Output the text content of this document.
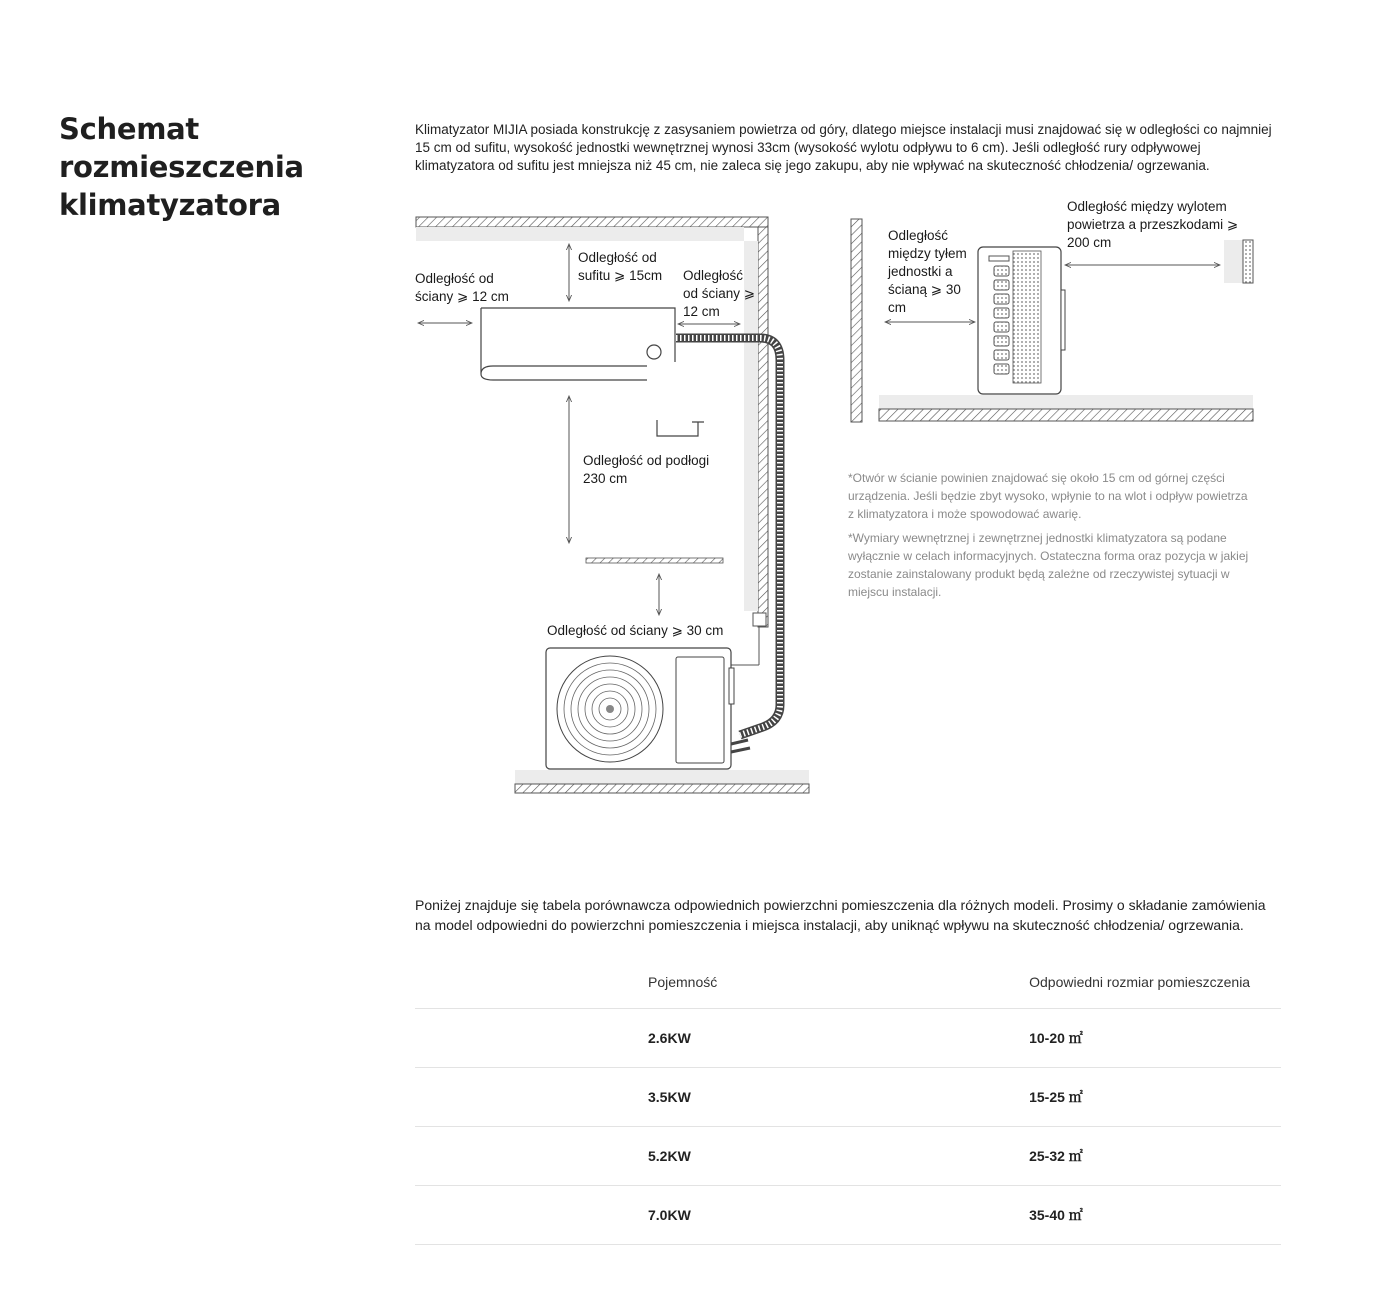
Schemat rozmieszczenia klimatyzatora

Klimatyzator MIJIA posiada konstrukcję z zasysaniem powietrza od góry, dlatego miejsce instalacji musi znajdować się w odległości co najmniej 15 cm od sufitu, wysokość jednostki wewnętrznej wynosi 33cm (wysokość wylotu odpływu to 6 cm). Jeśli odległość rury odpływowej klimatyzatora od sufitu jest mniejsza niż 45 cm, nie zaleca się jego zakupu, aby nie wpływać na skuteczność chłodzenia/ ogrzewania.

Odległość od ściany ⩾ 12 cm
Odległość od sufitu ⩾ 15cm Odległość od ściany ⩾ 12 cm
Odległość od podłogi 230 cm
Odległość od ściany ⩾ 30 cm
Odległość między tyłem jednostki a ścianą ⩾ 30 cm
Odległość między wylotem powietrza a przeszkodami ⩾ 200 cm

*Otwór w ścianie powinien znajdować się około 15 cm od górnej części urządzenia. Jeśli będzie zbyt wysoko, wpłynie to na wlot i odpływ powietrza z klimatyzatora i może spowodować awarię.

*Wymiary wewnętrznej i zewnętrznej jednostki klimatyzatora są podane wyłącznie w celach informacyjnych. Ostateczna forma oraz pozycja w jakiej zostanie zainstalowany produkt będą zależne od rzeczywistej sytuacji w miejscu instalacji.

Poniżej znajduje się tabela porównawcza odpowiednich powierzchni pomieszczenia dla różnych modeli. Prosimy o składanie zamówienia na model odpowiedni do powierzchni pomieszczenia i miejsca instalacji, aby uniknąć wpływu na skuteczność chłodzenia/ ogrzewania.

Pojemność	Odpowiedni rozmiar pomieszczenia
2.6KW	10-20 ㎡
3.5KW	15-25 ㎡
5.2KW	25-32 ㎡
7.0KW	35-40 ㎡
